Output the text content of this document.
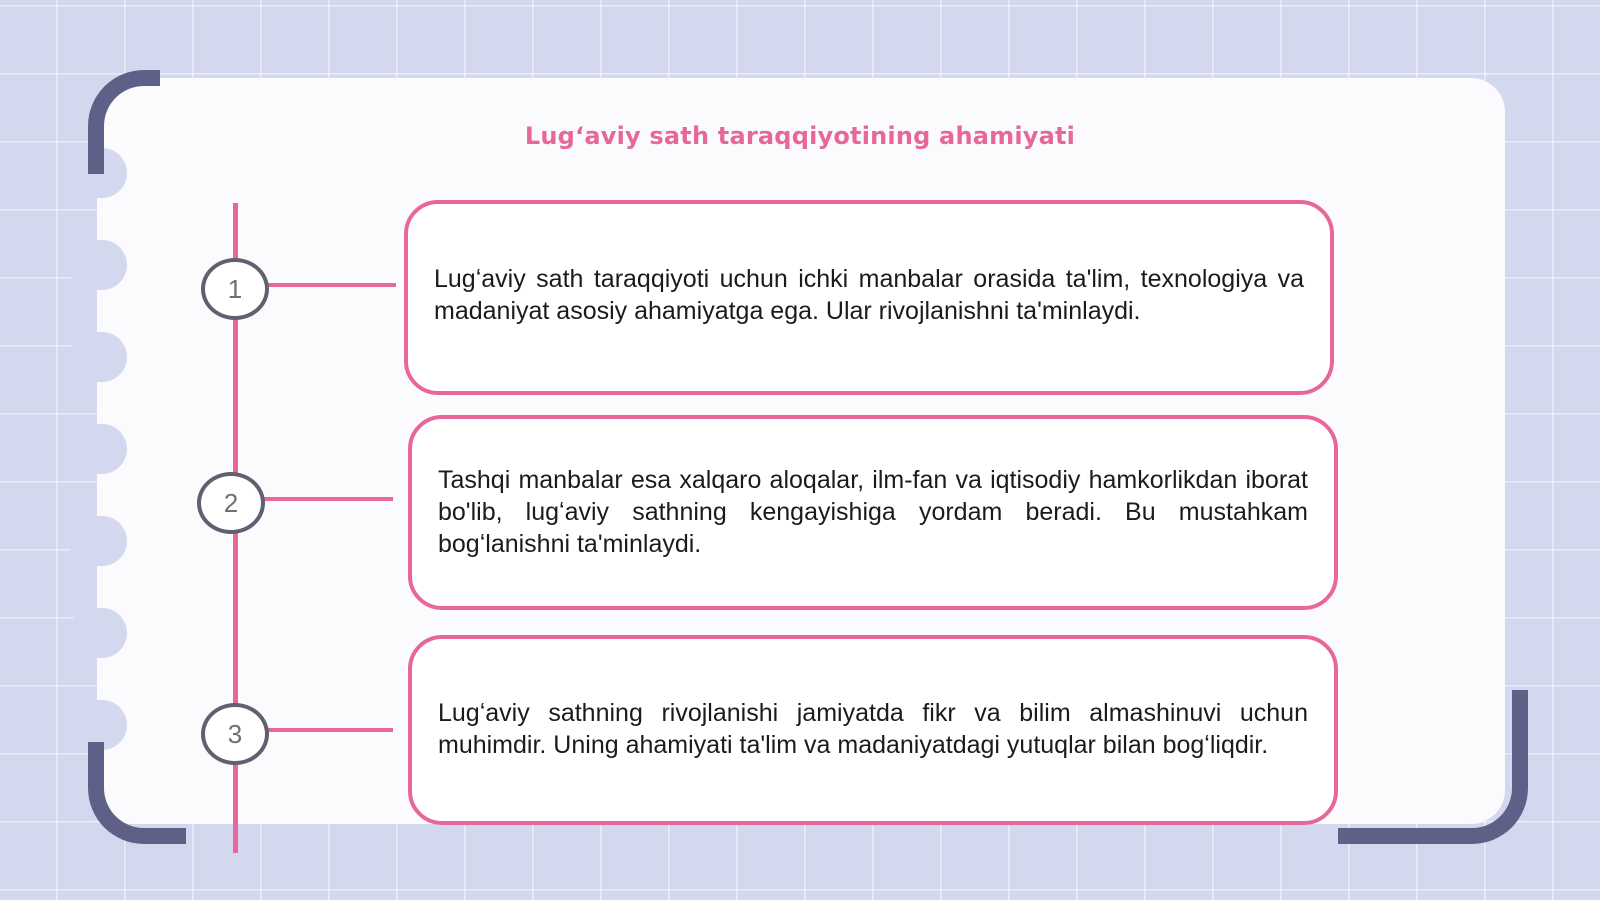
Lugʻaviy sath taraqqiyotining ahamiyati
1	Lugʻaviy sath taraqqiyoti uchun ichki manbalar orasida ta'lim, texnologiya va madaniyat asosiy ahamiyatga ega. Ular rivojlanishni ta'minlaydi.

2

Tashqi manbalar esa xalqaro aloqalar, ilm-fan va iqtisodiy hamkorlikdan iborat bo'lib, lugʻaviy sathning kengayishiga yordam beradi. Bu mustahkam bogʻlanishni ta'minlaydi.

3

Lugʻaviy sathning rivojlanishi jamiyatda fikr va bilim almashinuvi uchun muhimdir. Uning ahamiyati ta'lim va madaniyatdagi yutuqlar bilan bogʻliqdir.
